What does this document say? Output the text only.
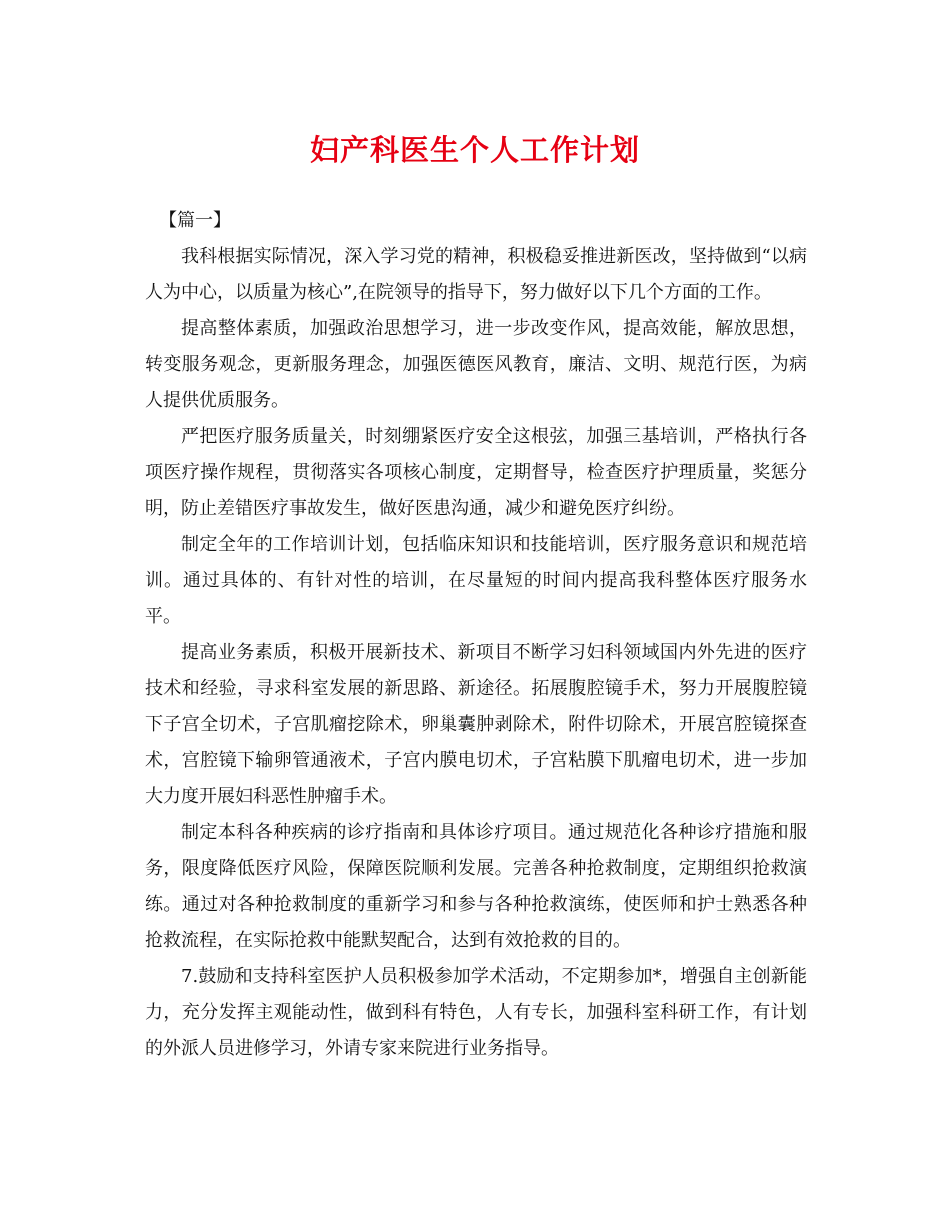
妇产科医生个人工作计划

【篇一】

我科根据实际情况，深入学习党的精神，积极稳妥推进新医改，坚持做到“以病人为中心，以质量为核心”,在院领导的指导下，努力做好以下几个方面的工作。

提高整体素质，加强政治思想学习，进一步改变作风，提高效能，解放思想，转变服务观念，更新服务理念，加强医德医风教育，廉洁、文明、规范行医，为病人提供优质服务。

严把医疗服务质量关，时刻绷紧医疗安全这根弦，加强三基培训，严格执行各项医疗操作规程，贯彻落实各项核心制度，定期督导，检查医疗护理质量，奖惩分明，防止差错医疗事故发生，做好医患沟通，减少和避免医疗纠纷。

制定全年的工作培训计划，包括临床知识和技能培训，医疗服务意识和规范培训。通过具体的、有针对性的培训，在尽量短的时间内提高我科整体医疗服务水平。

提高业务素质，积极开展新技术、新项目不断学习妇科领域国内外先进的医疗技术和经验，寻求科室发展的新思路、新途径。拓展腹腔镜手术，努力开展腹腔镜下子宫全切术，子宫肌瘤挖除术，卵巢囊肿剥除术，附件切除术，开展宫腔镜探查术，宫腔镜下输卵管通液术，子宫内膜电切术，子宫粘膜下肌瘤电切术，进一步加大力度开展妇科恶性肿瘤手术。

制定本科各种疾病的诊疗指南和具体诊疗项目。通过规范化各种诊疗措施和服务，限度降低医疗风险，保障医院顺利发展。完善各种抢救制度，定期组织抢救演练。通过对各种抢救制度的重新学习和参与各种抢救演练，使医师和护士熟悉各种抢救流程，在实际抢救中能默契配合，达到有效抢救的目的。

7.鼓励和支持科室医护人员积极参加学术活动，不定期参加*，增强自主创新能力，充分发挥主观能动性，做到科有特色，人有专长，加强科室科研工作，有计划的外派人员进修学习，外请专家来院进行业务指导。
